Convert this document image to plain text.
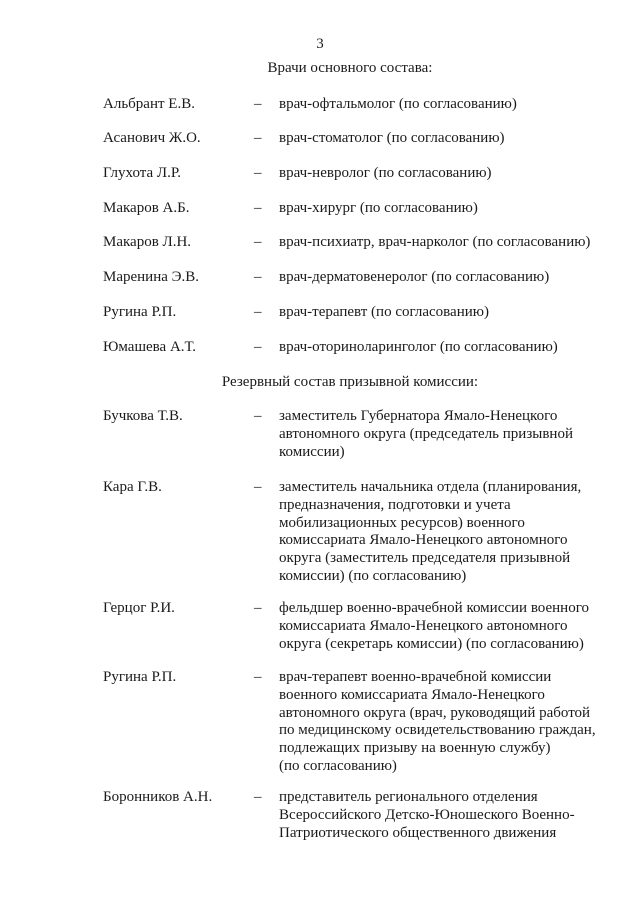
3
Врачи основного состава:
Альбрант Е.В.	– врач-офтальмолог (по согласованию)
Асанович Ж.О.	– врач-стоматолог (по согласованию)
Глухота Л.Р.	– врач-невролог (по согласованию)
Макаров А.Б.	– врач-хирург (по согласованию)
Макаров Л.Н.	– врач-психиатр, врач-нарколог (по согласованию)
Маренина Э.В.	– врач-дерматовенеролог (по согласованию)
Ругина Р.П.	– врач-терапевт (по согласованию)
Юмашева А.Т.	– врач-оториноларинголог (по согласованию)
Резервный состав призывной комиссии:
Бучкова Т.В.	– заместитель Губернатора Ямало-Ненецкого
автономного округа (председатель призывной
комиссии)
Кара Г.В.	– заместитель начальника отдела (планирования,
предназначения, подготовки и учета
мобилизационных ресурсов) военного
комиссариата Ямало-Ненецкого автономного
округа (заместитель председателя призывной
комиссии) (по согласованию)
Герцог Р.И.	– фельдшер военно-врачебной комиссии военного
комиссариата Ямало-Ненецкого автономного
округа (секретарь комиссии) (по согласованию)
Ругина Р.П.	– врач-терапевт военно-врачебной комиссии
военного комиссариата Ямало-Ненецкого
автономного округа (врач, руководящий работой
по медицинскому освидетельствованию граждан,
подлежащих призыву на военную службу)
(по согласованию)
Боронников А.Н.	– представитель регионального отделения
Всероссийского Детско-Юношеского Военно-
Патриотического общественного движения
